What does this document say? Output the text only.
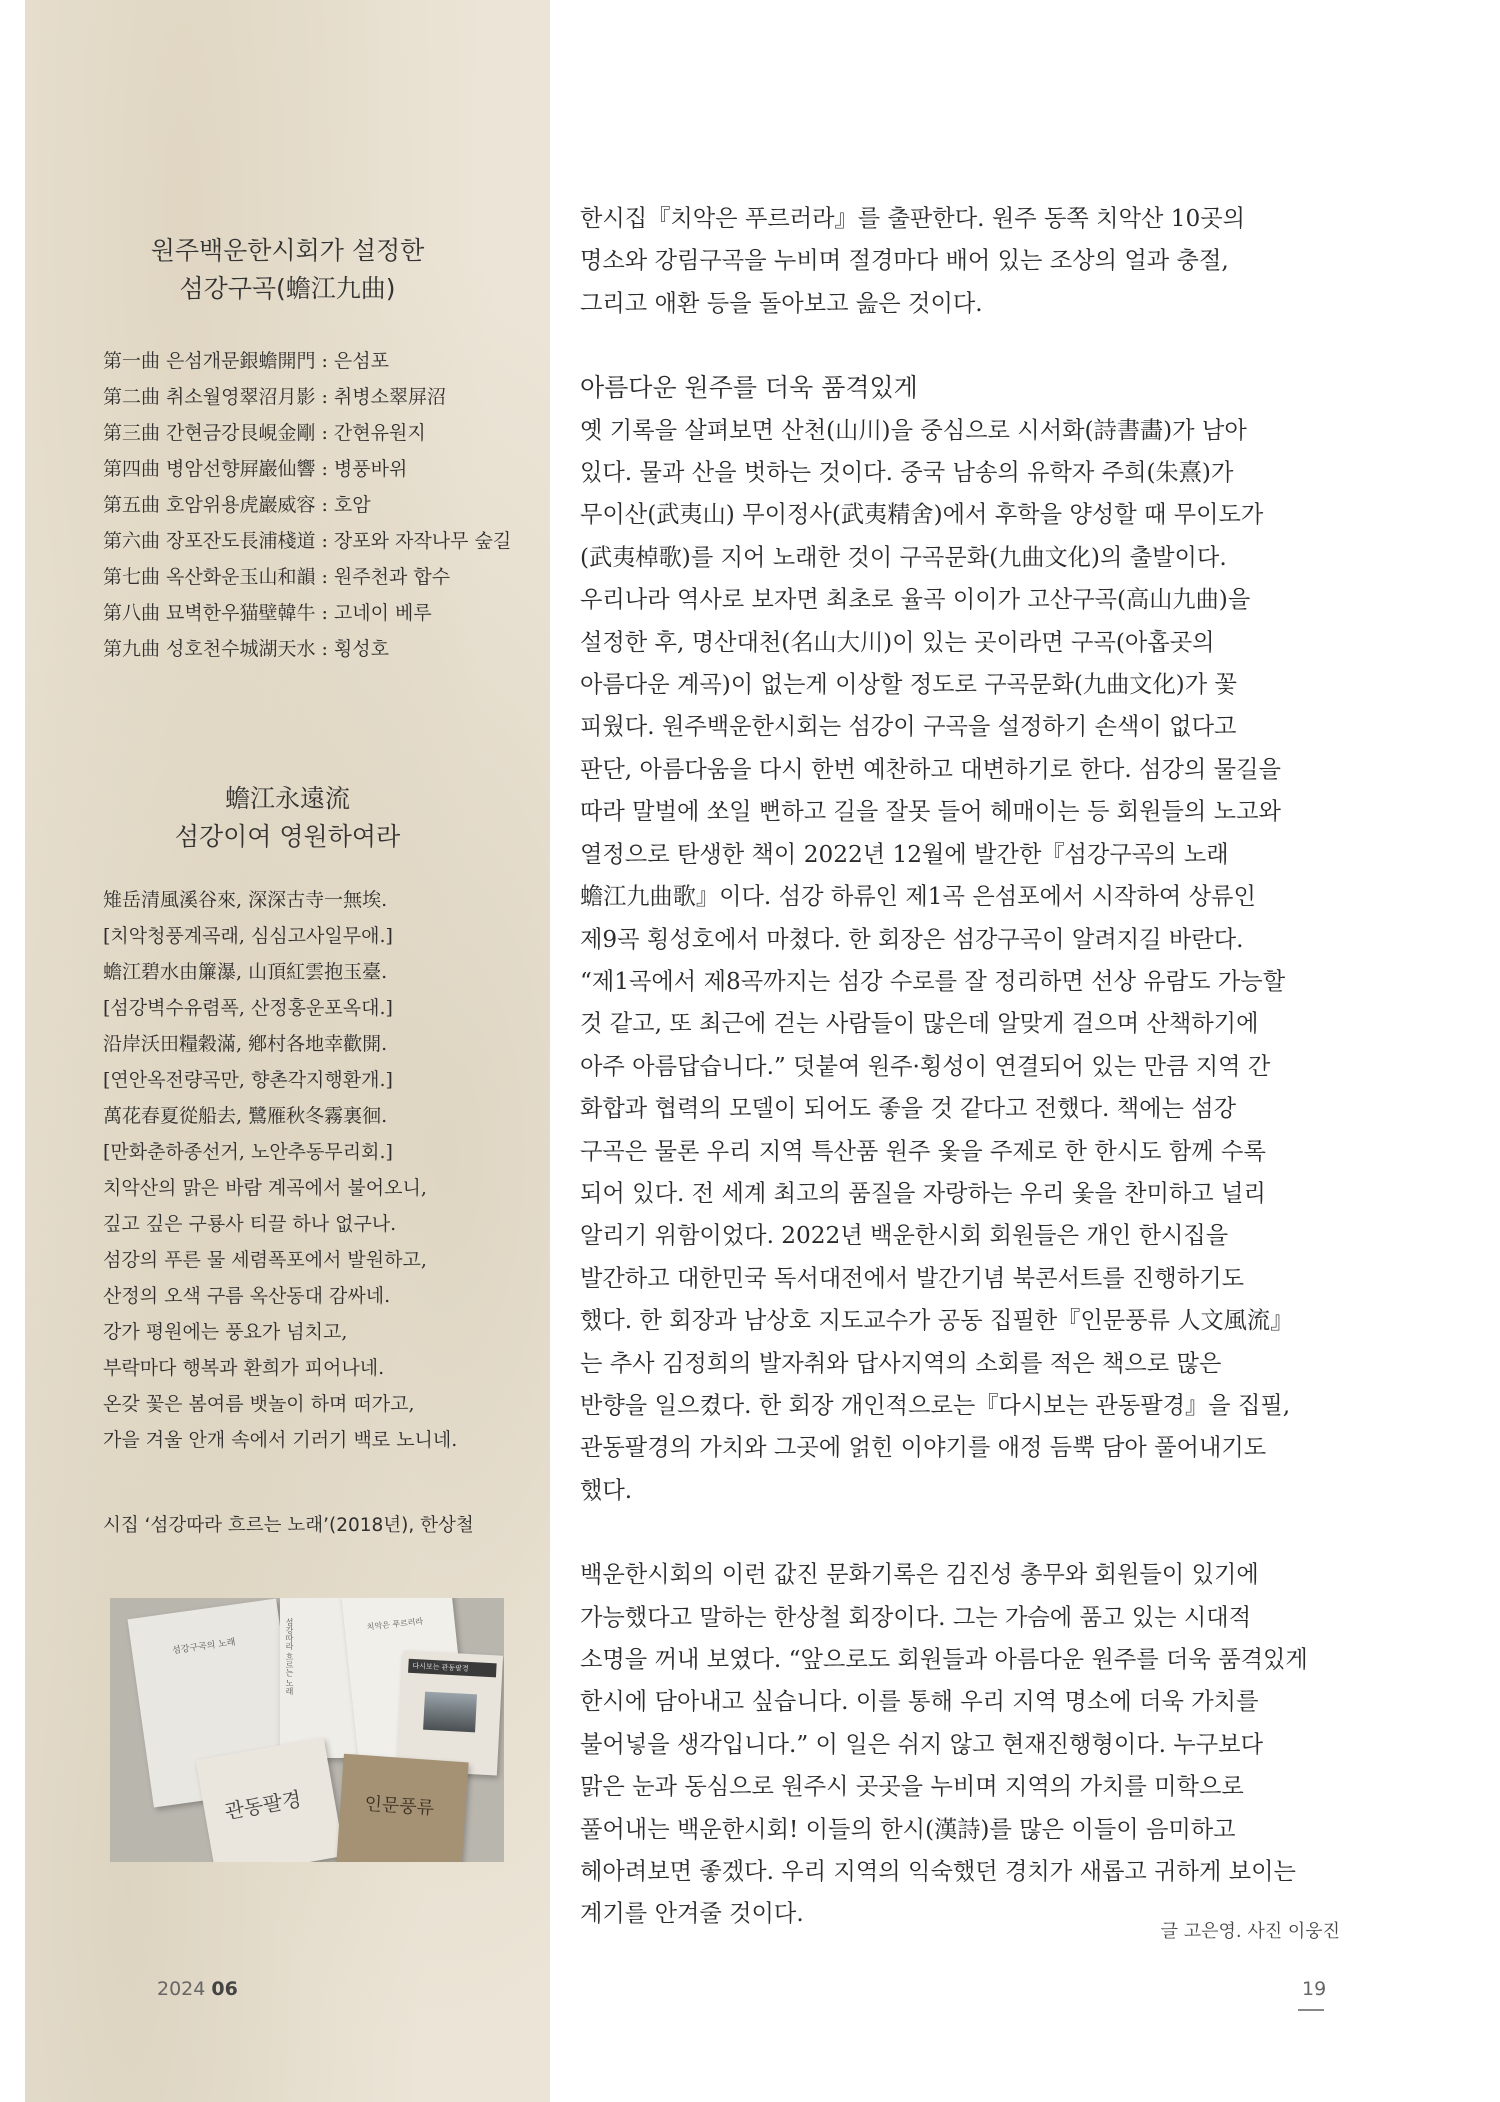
원주백운한시회가 설정한
섬강구곡(蟾江九曲)
第一曲 은섬개문銀蟾開門 : 은섬포
第二曲 취소월영翠沼月影 : 취병소翠屏沼
第三曲 간현금강艮峴金剛 : 간현유원지
第四曲 병암선향屛巖仙響 : 병풍바위
第五曲 호암위용虎巖威容 : 호암
第六曲 장포잔도長浦棧道 : 장포와 자작나무 숲길
第七曲 옥산화운玉山和韻 : 원주천과 합수
第八曲 묘벽한우猫壁韓牛 : 고네이 베루
第九曲 성호천수城湖天水 : 횡성호
蟾江永遠流
섬강이여 영원하여라
雉岳清風溪谷來, 深深古寺一無埃.
[치악청풍계곡래, 심심고사일무애.]
蟾江碧水由簾瀑, 山頂紅雲抱玉臺.
[섬강벽수유렴폭, 산정홍운포옥대.]
沿岸沃田糧穀滿, 鄕村各地幸歡開.
[연안옥전량곡만, 향촌각지행환개.]
萬花春夏從船去, 鷺雁秋冬霧裏徊.
[만화춘하종선거, 노안추동무리회.]
치악산의 맑은 바람 계곡에서 불어오니,
깊고 깊은 구룡사 티끌 하나 없구나.
섬강의 푸른 물 세렴폭포에서 발원하고,
산정의 오색 구름 옥산동대 감싸네.
강가 평원에는 풍요가 넘치고,
부락마다 행복과 환희가 피어나네.
온갖 꽃은 봄여름 뱃놀이 하며 떠가고,
가을 겨울 안개 속에서 기러기 백로 노니네.
시집 ‘섬강따라 흐르는 노래’(2018년), 한상철
섬강구곡의 노래	섬강따라 흐르는 노래	치악은 푸르러라
다시보는 관동팔경
관동팔경	인문풍류
2024 06

한시집『치악은 푸르러라』를 출판한다. 원주 동쪽 치악산 10곳의

명소와 강림구곡을 누비며 절경마다 배어 있는 조상의 얼과 충절,

그리고 애환 등을 돌아보고 읊은 것이다.

아름다운 원주를 더욱 품격있게

옛 기록을 살펴보면 산천(山川)을 중심으로 시서화(詩書畵)가 남아

있다. 물과 산을 벗하는 것이다. 중국 남송의 유학자 주희(朱熹)가

무이산(武夷山) 무이정사(武夷精舍)에서 후학을 양성할 때 무이도가

(武夷棹歌)를 지어 노래한 것이 구곡문화(九曲文化)의 출발이다.

우리나라 역사로 보자면 최초로 율곡 이이가 고산구곡(高山九曲)을

설정한 후, 명산대천(名山大川)이 있는 곳이라면 구곡(아홉곳의

아름다운 계곡)이 없는게 이상할 정도로 구곡문화(九曲文化)가 꽃

피웠다. 원주백운한시회는 섬강이 구곡을 설정하기 손색이 없다고

판단, 아름다움을 다시 한번 예찬하고 대변하기로 한다. 섬강의 물길을

따라 말벌에 쏘일 뻔하고 길을 잘못 들어 헤매이는 등 회원들의 노고와

열정으로 탄생한 책이 2022년 12월에 발간한『섬강구곡의 노래

蟾江九曲歌』이다. 섬강 하류인 제1곡 은섬포에서 시작하여 상류인

제9곡 횡성호에서 마쳤다. 한 회장은 섬강구곡이 알려지길 바란다.

“제1곡에서 제8곡까지는 섬강 수로를 잘 정리하면 선상 유람도 가능할

것 같고, 또 최근에 걷는 사람들이 많은데 알맞게 걸으며 산책하기에

아주 아름답습니다.” 덧붙여 원주·횡성이 연결되어 있는 만큼 지역 간

화합과 협력의 모델이 되어도 좋을 것 같다고 전했다. 책에는 섬강

구곡은 물론 우리 지역 특산품 원주 옻을 주제로 한 한시도 함께 수록

되어 있다. 전 세계 최고의 품질을 자랑하는 우리 옻을 찬미하고 널리

알리기 위함이었다. 2022년 백운한시회 회원들은 개인 한시집을

발간하고 대한민국 독서대전에서 발간기념 북콘서트를 진행하기도

했다. 한 회장과 남상호 지도교수가 공동 집필한『인문풍류 人文風流』

는 추사 김정희의 발자취와 답사지역의 소회를 적은 책으로 많은

반향을 일으켰다. 한 회장 개인적으로는『다시보는 관동팔경』을 집필,

관동팔경의 가치와 그곳에 얽힌 이야기를 애정 듬뿍 담아 풀어내기도

했다.

백운한시회의 이런 값진 문화기록은 김진성 총무와 회원들이 있기에

가능했다고 말하는 한상철 회장이다. 그는 가슴에 품고 있는 시대적

소명을 꺼내 보였다. “앞으로도 회원들과 아름다운 원주를 더욱 품격있게

한시에 담아내고 싶습니다. 이를 통해 우리 지역 명소에 더욱 가치를

불어넣을 생각입니다.” 이 일은 쉬지 않고 현재진행형이다. 누구보다

맑은 눈과 동심으로 원주시 곳곳을 누비며 지역의 가치를 미학으로

풀어내는 백운한시회! 이들의 한시(漢詩)를 많은 이들이 음미하고

헤아려보면 좋겠다. 우리 지역의 익숙했던 경치가 새롭고 귀하게 보이는

계기를 안겨줄 것이다.

글 고은영. 사진 이웅진
19
